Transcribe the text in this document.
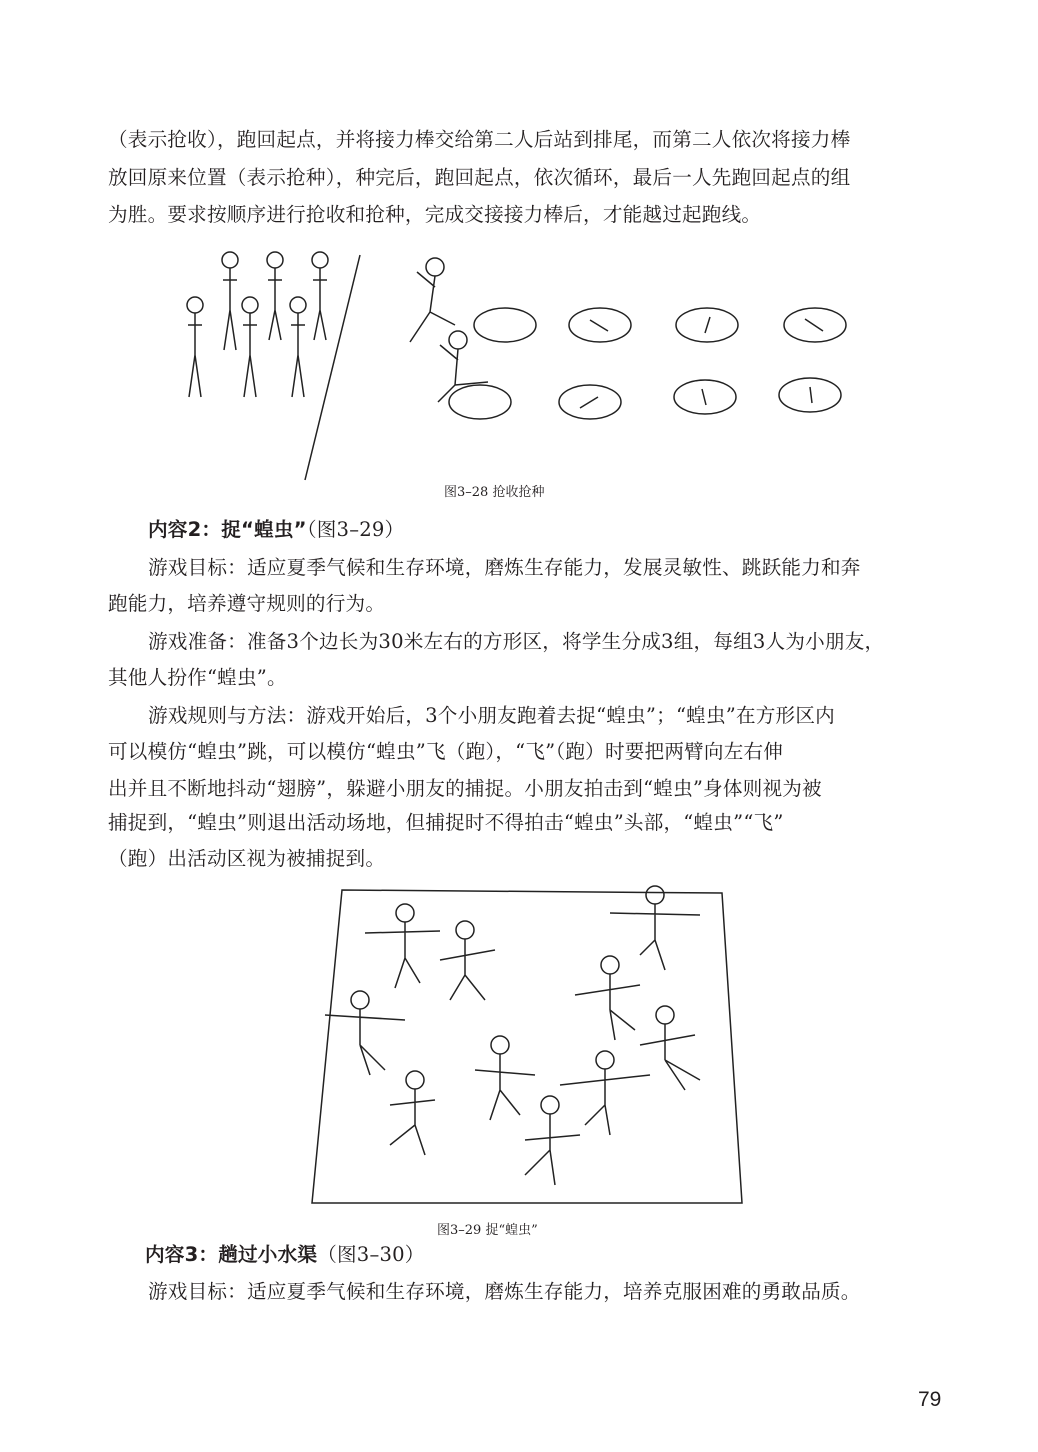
（表示抢收），跑回起点，并将接力棒交给第二人后站到排尾，而第二人依次将接力棒
放回原来位置（表示抢种），种完后，跑回起点，依次循环，最后一人先跑回起点的组
为胜。要求按顺序进行抢收和抢种，完成交接接力棒后，才能越过起跑线。
图3–28 抢收抢种
内容2：捉“蝗虫”（图3–29）
游戏目标：适应夏季气候和生存环境，磨炼生存能力，发展灵敏性、跳跃能力和奔
跑能力，培养遵守规则的行为。
游戏准备：准备3个边长为30米左右的方形区，将学生分成3组，每组3人为小朋友，
其他人扮作“蝗虫”。
游戏规则与方法：游戏开始后，3个小朋友跑着去捉“蝗虫”；“蝗虫”在方形区内
可以模仿“蝗虫”跳，可以模仿“蝗虫”飞（跑），“飞”（跑）时要把两臂向左右伸
出并且不断地抖动“翅膀”，躲避小朋友的捕捉。小朋友拍击到“蝗虫”身体则视为被
捕捉到，“蝗虫”则退出活动场地，但捕捉时不得拍击“蝗虫”头部，“蝗虫”“飞”
（跑）出活动区视为被捕捉到。
图3–29 捉“蝗虫”
内容3：趟过小水渠（图3–30）
游戏目标：适应夏季气候和生存环境，磨炼生存能力，培养克服困难的勇敢品质。
79
